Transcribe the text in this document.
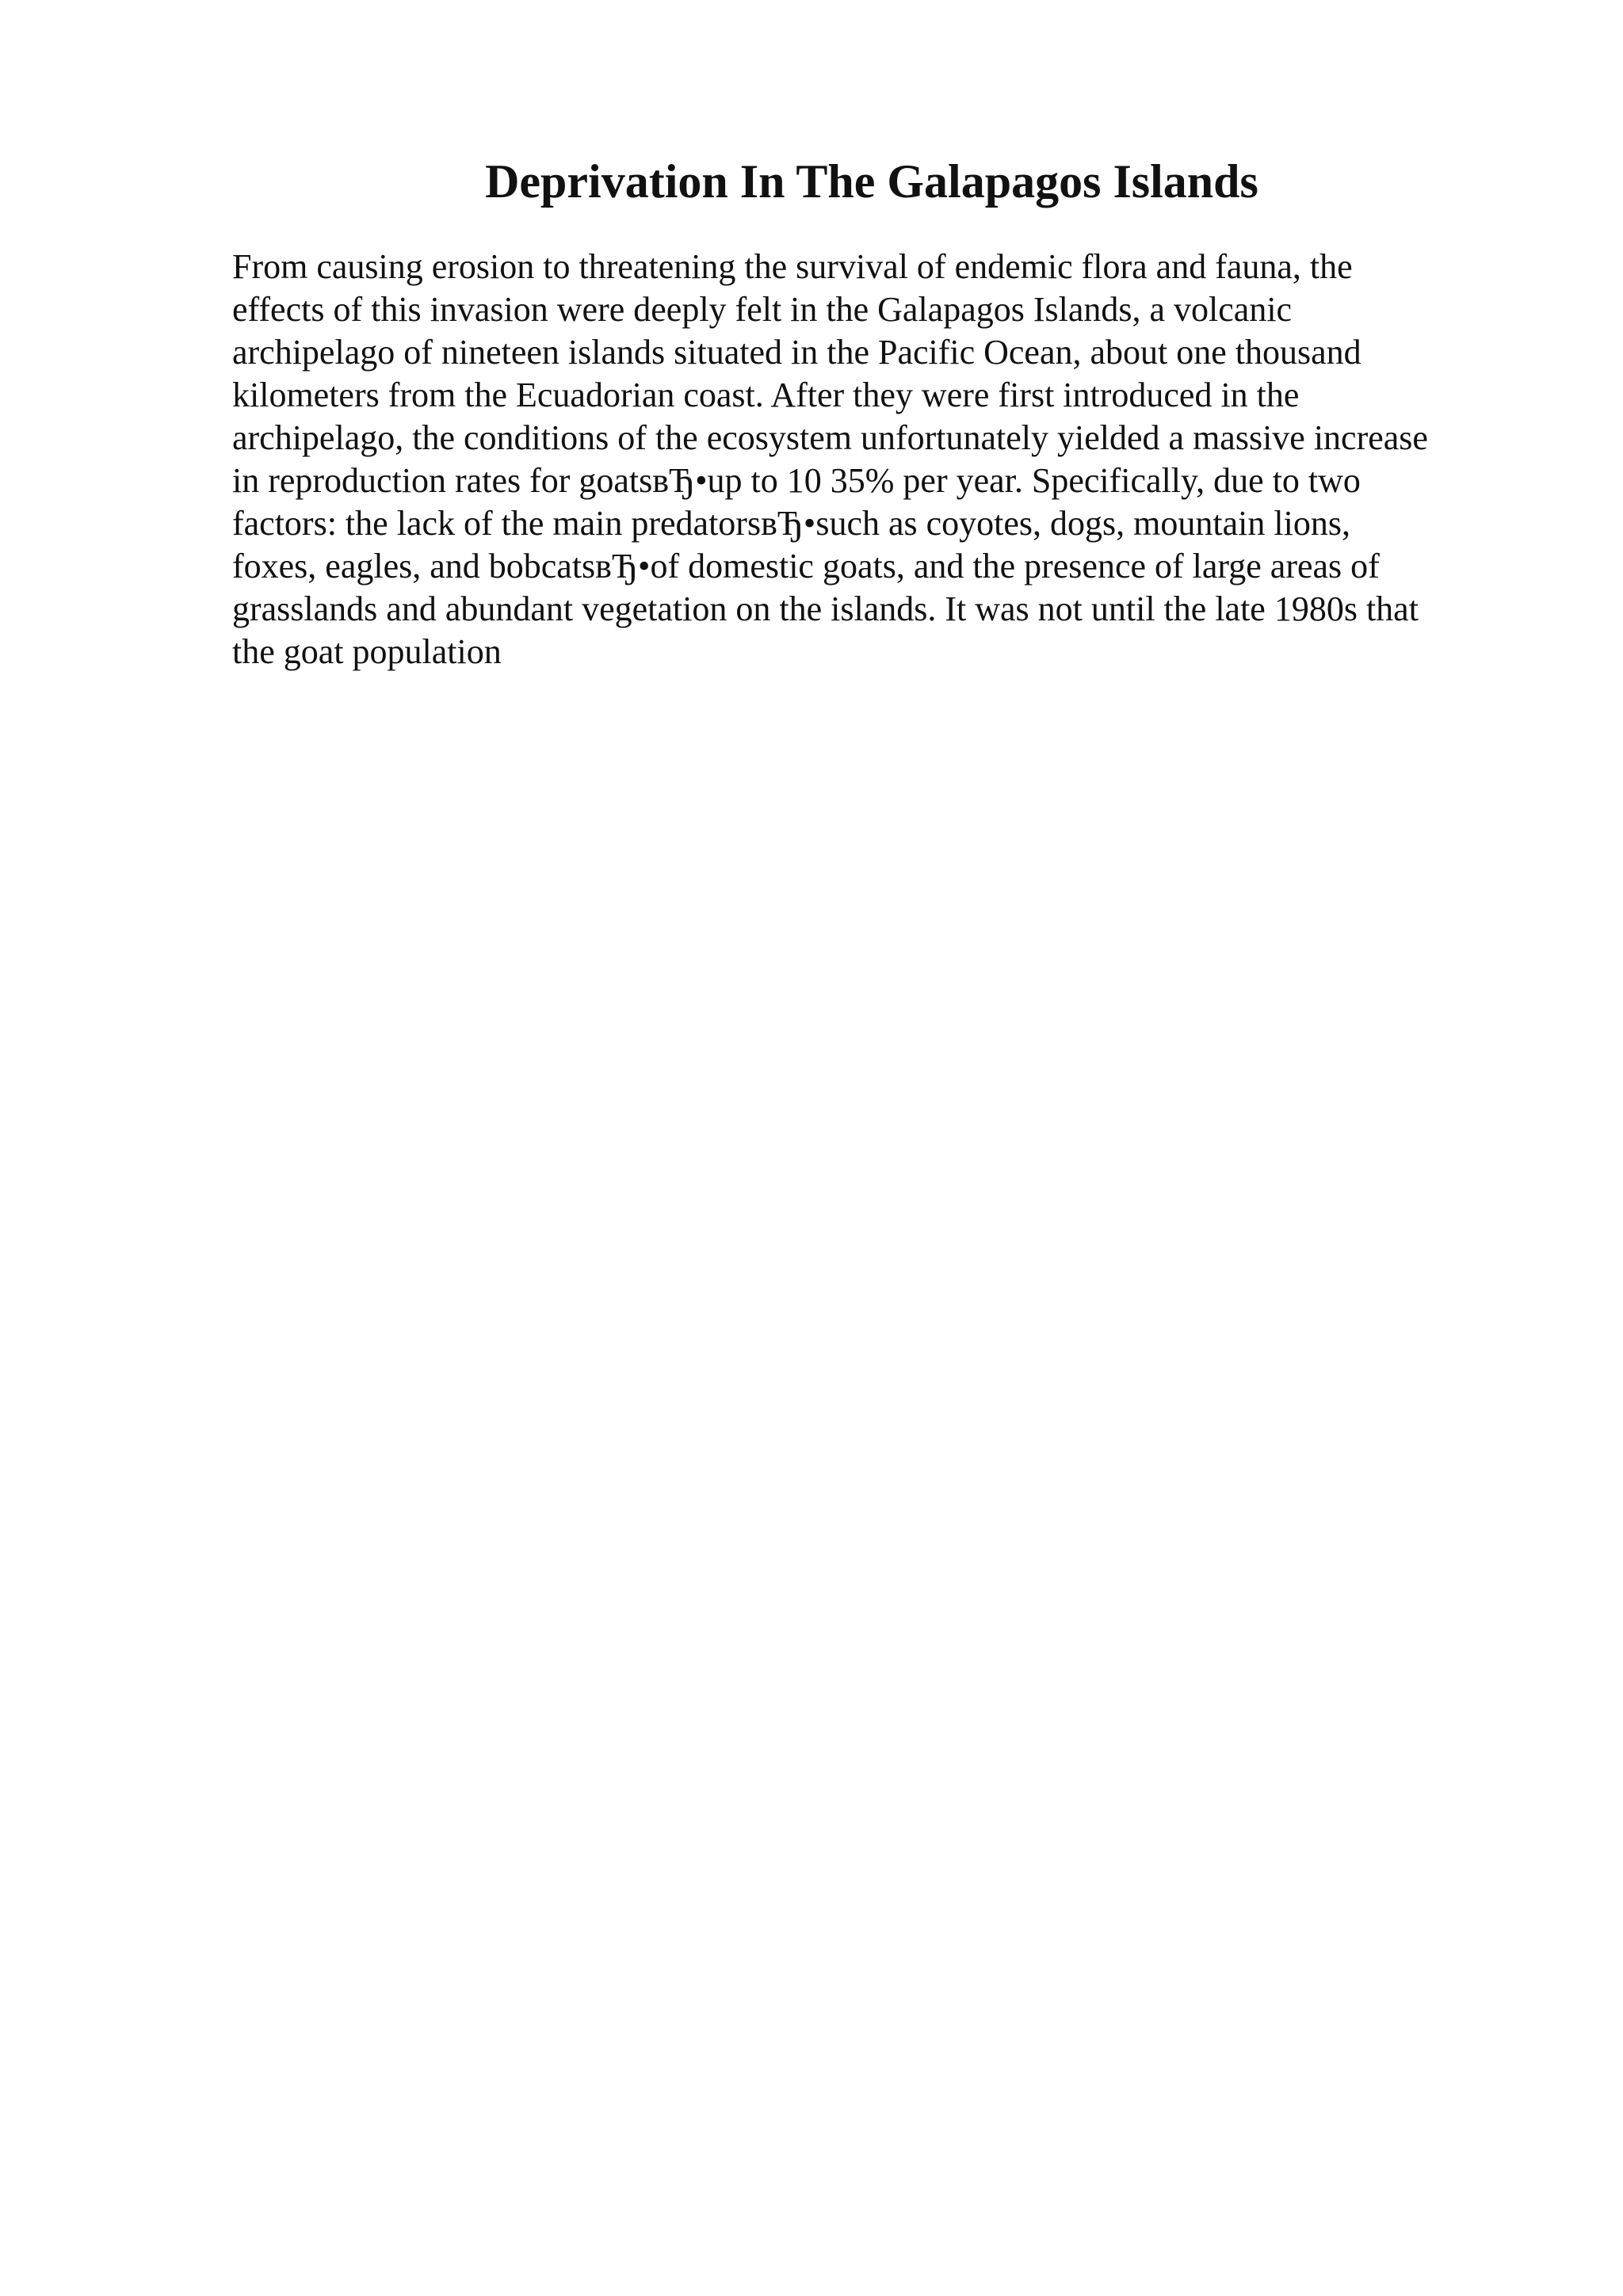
Deprivation In The Galapagos Islands
From causing erosion to threatening the survival of endemic flora and fauna, the
effects of this invasion were deeply felt in the Galapagos Islands, a volcanic
archipelago of nineteen islands situated in the Pacific Ocean, about one thousand
kilometers from the Ecuadorian coast. After they were first introduced in the
archipelago, the conditions of the ecosystem unfortunately yielded a massive increase
in reproduction rates for goatsвЂ•up to 10 35% per year. Specifically, due to two
factors: the lack of the main predatorsвЂ•such as coyotes, dogs, mountain lions,
foxes, eagles, and bobcatsвЂ•of domestic goats, and the presence of large areas of
grasslands and abundant vegetation on the islands. It was not until the late 1980s that
the goat population
